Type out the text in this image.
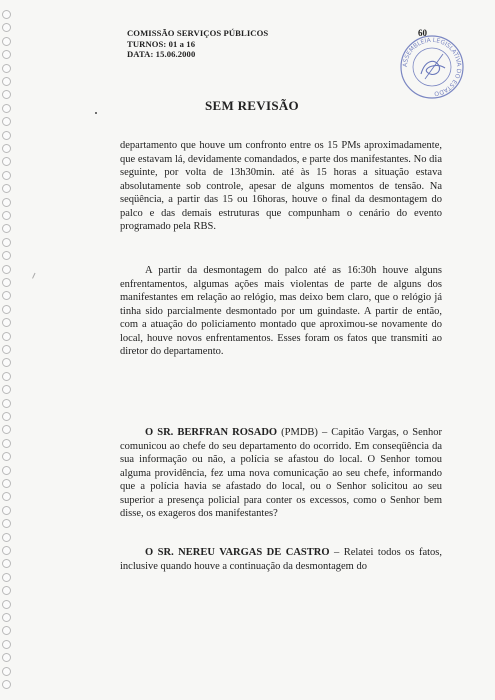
COMISSÃO SERVIÇOS PÚBLICOS
TURNOS: 01 a 16
DATA: 15.06.2000
60
ASSEMBLEIA LEGISLATIVA DO ESTADO
SEM REVISÃO
departamento que houve um confronto entre os 15 PMs aproximadamente, que estavam lá, devidamente comandados, e parte dos manifestantes. No dia seguinte, por volta de 13h30min. até às 15 horas a situação estava absolutamente sob controle, apesar de alguns momentos de tensão. Na seqüência, a partir das 15 ou 16horas, houve o final da desmontagem do palco e das demais estruturas que compunham o cenário do evento programado pela RBS.
A partir da desmontagem do palco até as 16:30h houve alguns enfrentamentos, algumas ações mais violentas de parte de alguns dos manifestantes em relação ao relógio, mas deixo bem claro, que o relógio já tinha sido parcialmente desmontado por um guindaste. A partir de então, com a atuação do policiamento montado que aproximou-se novamente do local, houve novos enfrentamentos. Esses foram os fatos que transmiti ao diretor do departamento.
O SR. BERFRAN ROSADO (PMDB) – Capitão Vargas, o Senhor comunicou ao chefe do seu departamento do ocorrido. Em conseqüência da sua informação ou não, a polícia se afastou do local. O Senhor tomou alguma providência, fez uma nova comunicação ao seu chefe, informando que a polícia havia se afastado do local, ou o Senhor solicitou ao seu superior a presença policial para conter os excessos, como o Senhor bem disse, os exageros dos manifestantes?
O SR. NEREU VARGAS DE CASTRO – Relatei todos os fatos, inclusive quando houve a continuação da desmontagem do
